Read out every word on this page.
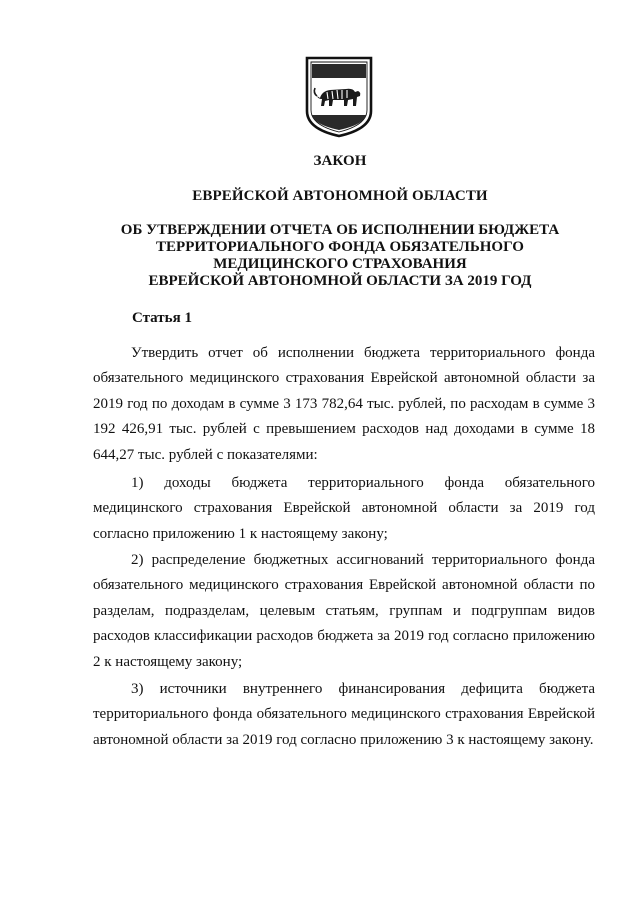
ЗАКОН
ЕВРЕЙСКОЙ АВТОНОМНОЙ ОБЛАСТИ
ОБ УТВЕРЖДЕНИИ ОТЧЕТА ОБ ИСПОЛНЕНИИ БЮДЖЕТА
ТЕРРИТОРИАЛЬНОГО ФОНДА ОБЯЗАТЕЛЬНОГО
МЕДИЦИНСКОГО СТРАХОВАНИЯ
ЕВРЕЙСКОЙ АВТОНОМНОЙ ОБЛАСТИ ЗА 2019 ГОД
Статья 1

Утвердить отчет об исполнении бюджета территориального фонда обязательного медицинского страхования Еврейской автономной области за 2019 год по доходам в сумме 3 173 782,64 тыс. рублей, по расходам в сумме 3 192 426,91 тыс. рублей с превышением расходов над доходами в сумме 18 644,27 тыс. рублей с показателями:

1) доходы бюджета территориального фонда обязательного медицинского страхования Еврейской автономной области за 2019 год согласно приложению 1 к настоящему закону;

2) распределение бюджетных ассигнований территориального фонда обязательного медицинского страхования Еврейской автономной области по разделам, подразделам, целевым статьям, группам и подгруппам видов расходов классификации расходов бюджета за 2019 год согласно приложению 2 к настоящему закону;

3) источники внутреннего финансирования дефицита бюджета территориального фонда обязательного медицинского страхования Еврейской автономной области за 2019 год согласно приложению 3 к настоящему закону.
